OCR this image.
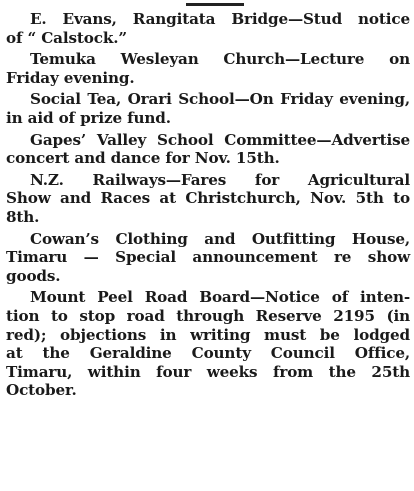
E. Evans, Rangitata Bridge—Stud notice
of “ Calstock.”

Temuka Wesleyan Church—Lecture on
Friday evening.

Social Tea, Orari School—On Friday evening,
in aid of prize fund.

Gapes’ Valley School Committee—Advertise
concert and dance for Nov. 15th.

N.Z. Railways—Fares for Agricultural
Show and Races at Christchurch, Nov. 5th to
8th.

Cowan’s Clothing and Outfitting House,
Timaru — Special announcement re show
goods.

Mount Peel Road Board—Notice of inten-
tion to stop road through Reserve 2195 (in
red); objections in writing must be lodged
at the Geraldine County Council Office,
Timaru, within four weeks from the 25th
October.
